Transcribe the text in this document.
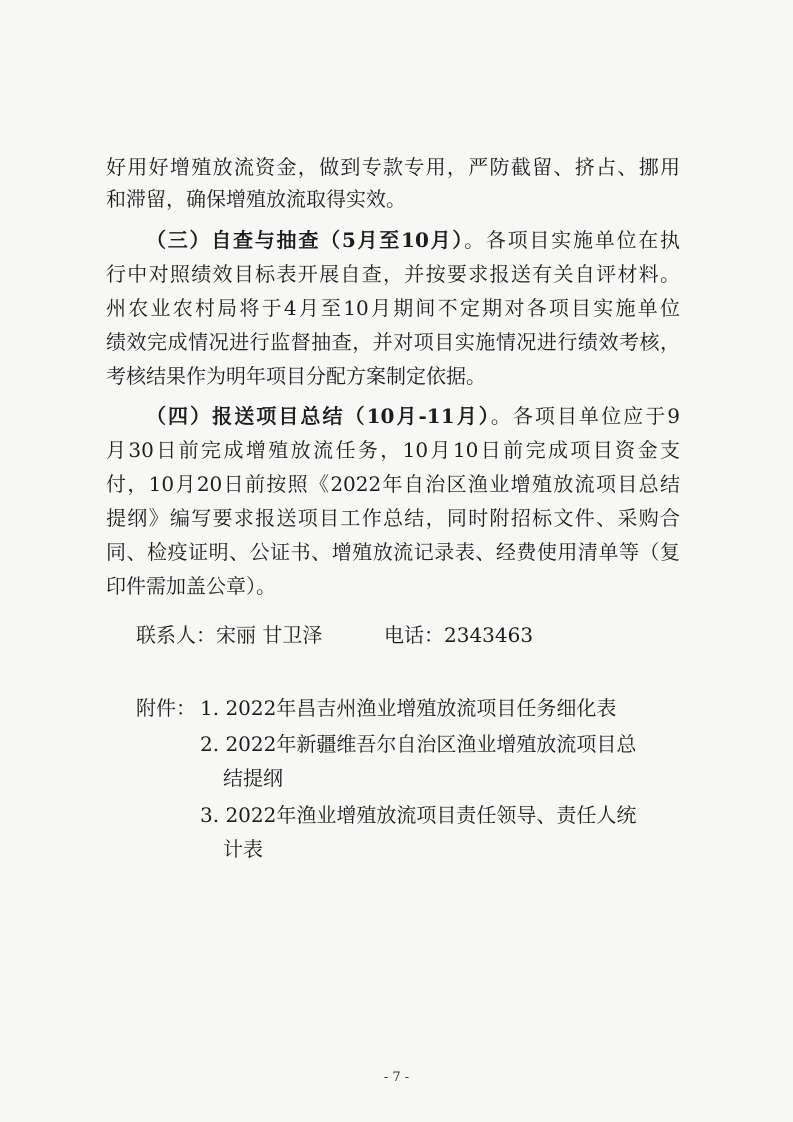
好用好增殖放流资金，做到专款专用，严防截留、挤占、挪用
和滞留，确保增殖放流取得实效。
（三）自查与抽查（5月至10月）。各项目实施单位在执
行中对照绩效目标表开展自查，并按要求报送有关自评材料。
州农业农村局将于4月至10月期间不定期对各项目实施单位
绩效完成情况进行监督抽查，并对项目实施情况进行绩效考核，
考核结果作为明年项目分配方案制定依据。
（四）报送项目总结（10月-11月）。各项目单位应于9
月30日前完成增殖放流任务，10月10日前完成项目资金支
付，10月20日前按照《2022年自治区渔业增殖放流项目总结
提纲》编写要求报送项目工作总结，同时附招标文件、采购合
同、检疫证明、公证书、增殖放流记录表、经费使用清单等（复
印件需加盖公章）。
联系人：宋丽 甘卫泽	电话：2343463
附件： 1. 2022年昌吉州渔业增殖放流项目任务细化表
2. 2022年新疆维吾尔自治区渔业增殖放流项目总
结提纲
3. 2022年渔业增殖放流项目责任领导、责任人统
计表
- 7 -
